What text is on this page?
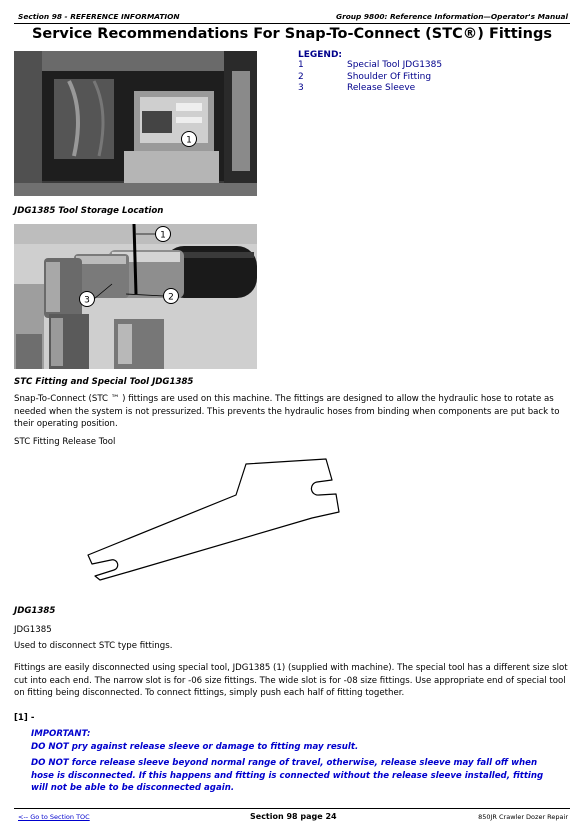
Section 98 - REFERENCE INFORMATION	Group 9800: Reference Information—Operator's Manual
Service Recommendations For Snap-To-Connect (STC®) Fittings
LEGEND:
1	Special Tool JDG1385
2	Shoulder Of Fitting
3	Release Sleeve
1
JDG1385 Tool Storage Location
1
2
3
STC Fitting and Special Tool JDG1385
Snap-To-Connect (STC ™ ) fittings are used on this machine. The fittings are designed to allow the hydraulic hose to rotate as needed when the system is not pressurized. This prevents the hydraulic hoses from binding when components are put back to their operating position.
STC Fitting Release Tool
JDG1385
JDG1385
Used to disconnect STC type fittings.
Fittings are easily disconnected using special tool, JDG1385 (1) (supplied with machine). The special tool has a different size slot cut into each end. The narrow slot is for -06 size fittings. The wide slot is for -08 size fittings. Use appropriate end of special tool on fitting being disconnected. To connect fittings, simply push each half of fitting together.
[1] -
IMPORTANT:
DO NOT pry against release sleeve or damage to fitting may result.
DO NOT force release sleeve beyond normal range of travel, otherwise, release sleeve may fall off when hose is disconnected. If this happens and fitting is connected without the release sleeve installed, fitting will not be able to be disconnected again.
<-- Go to Section TOC	Section 98 page 24	850JR Crawler Dozer Repair
